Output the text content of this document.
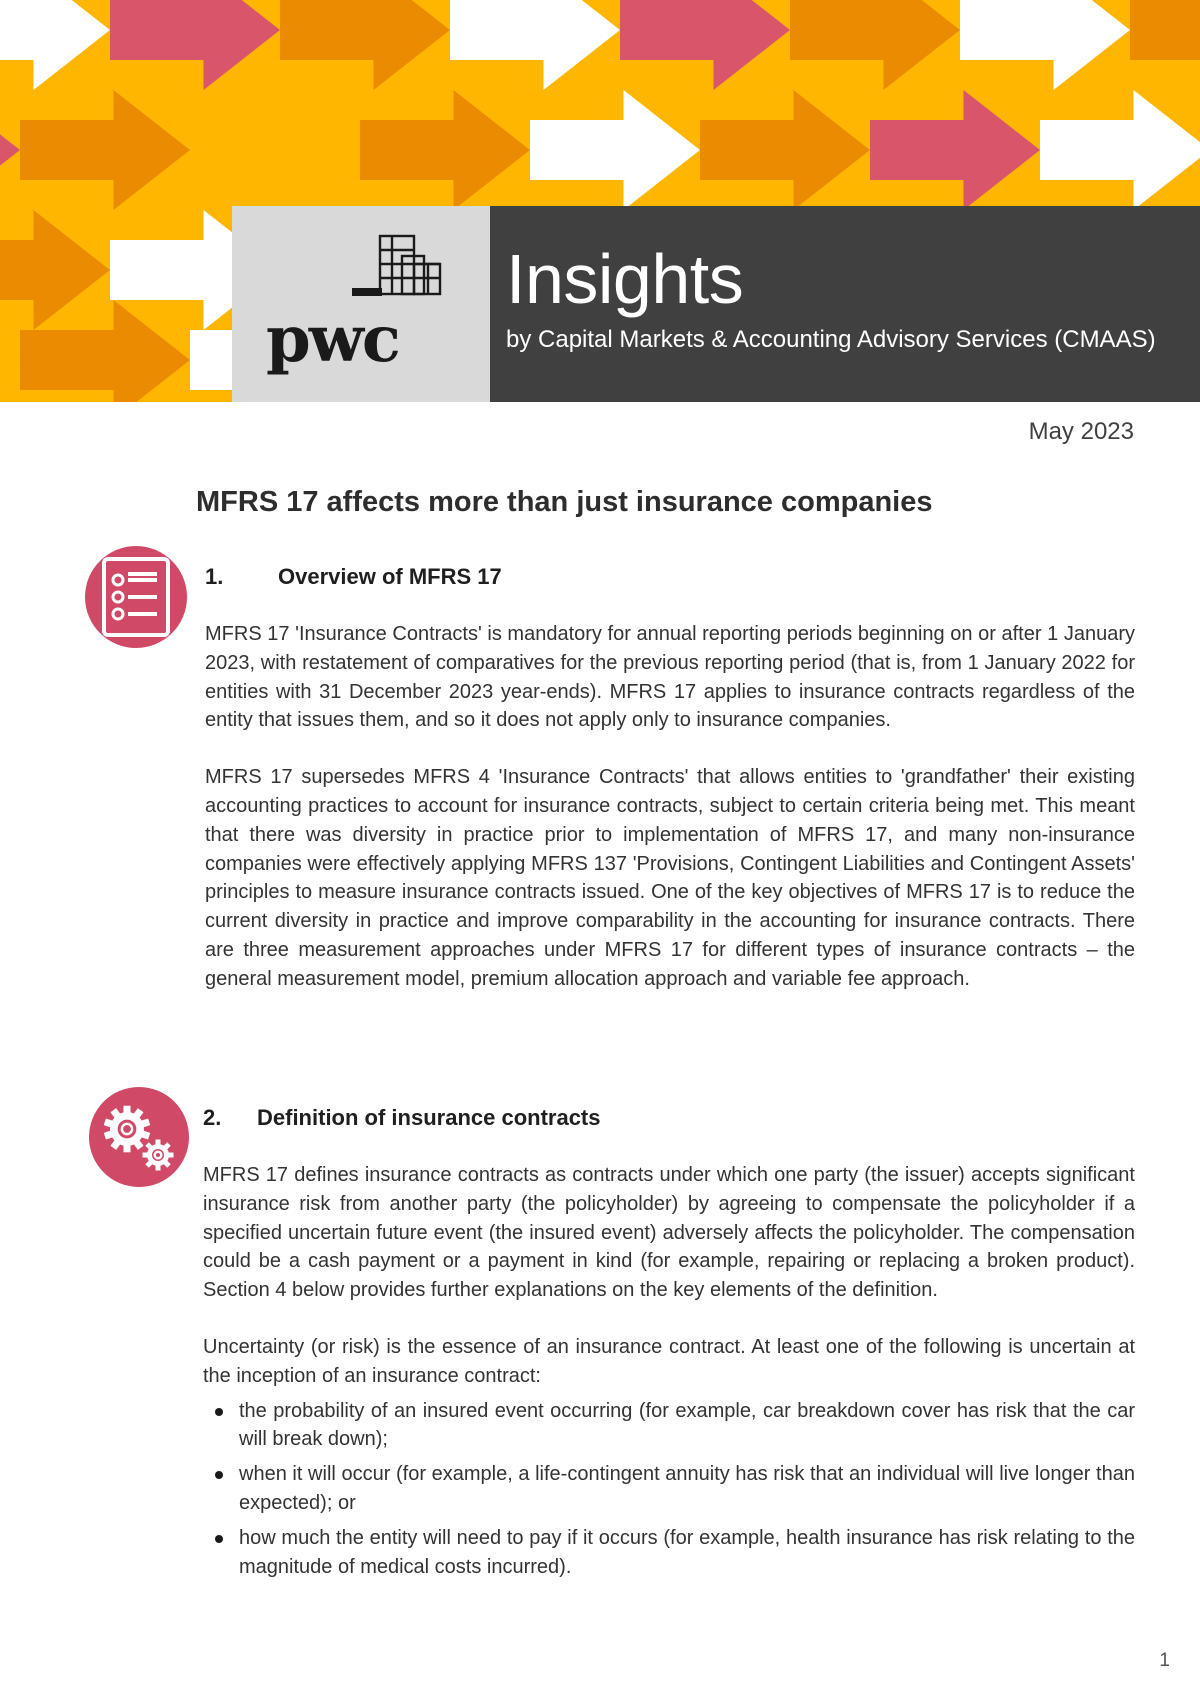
pwc
Insights
by Capital Markets & Accounting Advisory Services (CMAAS)
May 2023
MFRS 17 affects more than just insurance companies
1.	Overview of MFRS 17

MFRS 17 'Insurance Contracts' is mandatory for annual reporting periods beginning on or after 1 January 2023, with restatement of comparatives for the previous reporting period (that is, from 1 January 2022 for entities with 31 December 2023 year-ends). MFRS 17 applies to insurance contracts regardless of the entity that issues them, and so it does not apply only to insurance companies.

MFRS 17 supersedes MFRS 4 'Insurance Contracts' that allows entities to 'grandfather' their existing accounting practices to account for insurance contracts, subject to certain criteria being met. This meant that there was diversity in practice prior to implementation of MFRS 17, and many non-insurance companies were effectively applying MFRS 137 'Provisions, Contingent Liabilities and Contingent Assets' principles to measure insurance contracts issued. One of the key objectives of MFRS 17 is to reduce the current diversity in practice and improve comparability in the accounting for insurance contracts. There are three measurement approaches under MFRS 17 for different types of insurance contracts – the general measurement model, premium allocation approach and variable fee approach.

2.	Definition of insurance contracts

MFRS 17 defines insurance contracts as contracts under which one party (the issuer) accepts significant insurance risk from another party (the policyholder) by agreeing to compensate the policyholder if a specified uncertain future event (the insured event) adversely affects the policyholder. The compensation could be a cash payment or a payment in kind (for example, repairing or replacing a broken product). Section 4 below provides further explanations on the key elements of the definition.

Uncertainty (or risk) is the essence of an insurance contract. At least one of the following is uncertain at the inception of an insurance contract:

the probability of an insured event occurring (for example, car breakdown cover has risk that the car will break down);
when it will occur (for example, a life-contingent annuity has risk that an individual will live longer than expected); or
how much the entity will need to pay if it occurs (for example, health insurance has risk relating to the magnitude of medical costs incurred).
1
